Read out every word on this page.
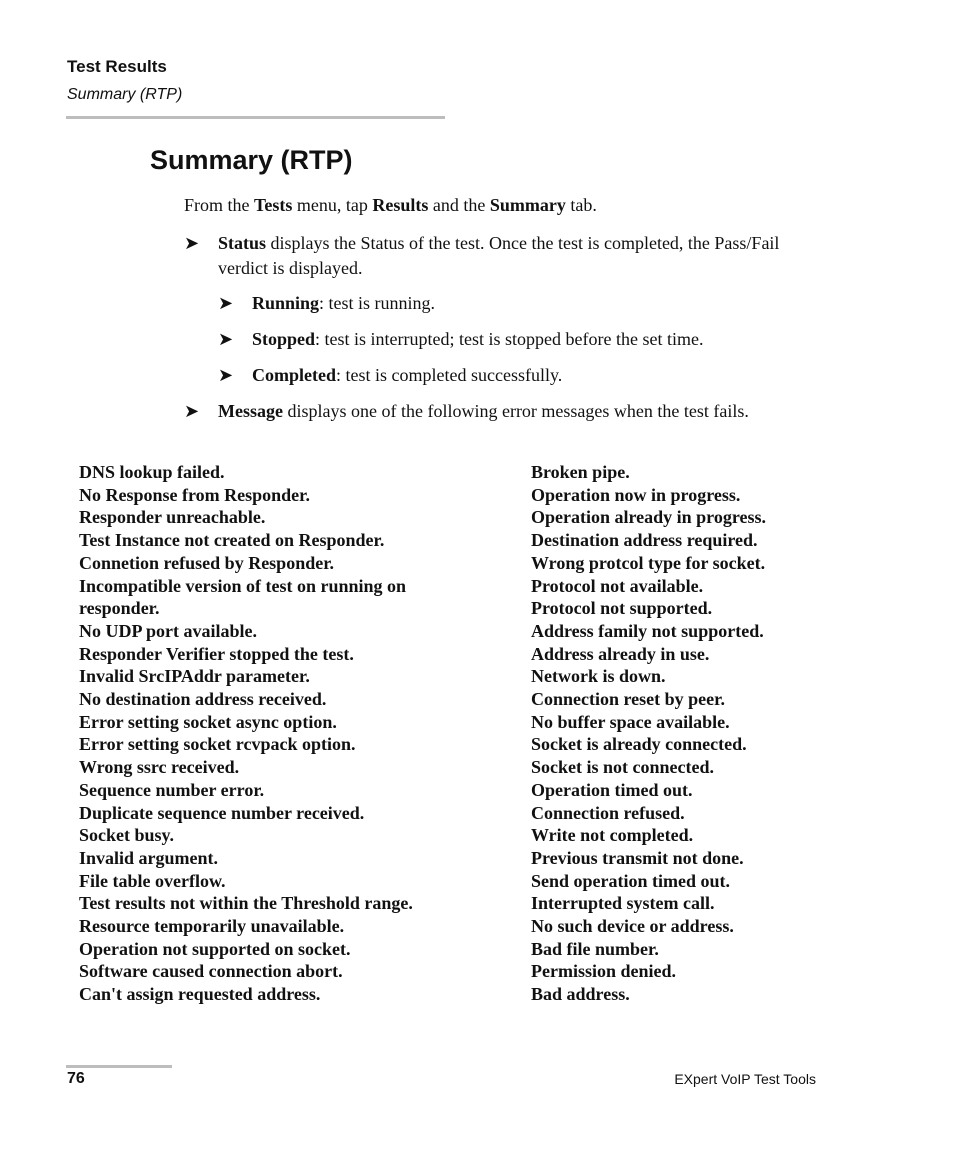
Test Results
Summary (RTP)
Summary (RTP)
From the Tests menu, tap Results and the Summary tab.
➤ Status displays the Status of the test. Once the test is completed, the Pass/Fail verdict is displayed.
➤ Running: test is running.
➤ Stopped: test is interrupted; test is stopped before the set time.
➤ Completed: test is completed successfully.
➤ Message displays one of the following error messages when the test fails.
DNS lookup failed.
No Response from Responder.
Responder unreachable.
Test Instance not created on Responder.
Connetion refused by Responder.
Incompatible version of test on running on responder.
No UDP port available.
Responder Verifier stopped the test.
Invalid SrcIPAddr parameter.
No destination address received.
Error setting socket async option.
Error setting socket rcvpack option.
Wrong ssrc received.
Sequence number error.
Duplicate sequence number received.
Socket busy.
Invalid argument.
File table overflow.
Test results not within the Threshold range.
Resource temporarily unavailable.
Operation not supported on socket.
Software caused connection abort.
Can't assign requested address.
Broken pipe.
Operation now in progress.
Operation already in progress.
Destination address required.
Wrong protcol type for socket.
Protocol not available.
Protocol not supported.
Address family not supported.
Address already in use.
Network is down.
Connection reset by peer.
No buffer space available.
Socket is already connected.
Socket is not connected.
Operation timed out.
Connection refused.
Write not completed.
Previous transmit not done.
Send operation timed out.
Interrupted system call.
No such device or address.
Bad file number.
Permission denied.
Bad address.
76	EXpert VoIP Test Tools
